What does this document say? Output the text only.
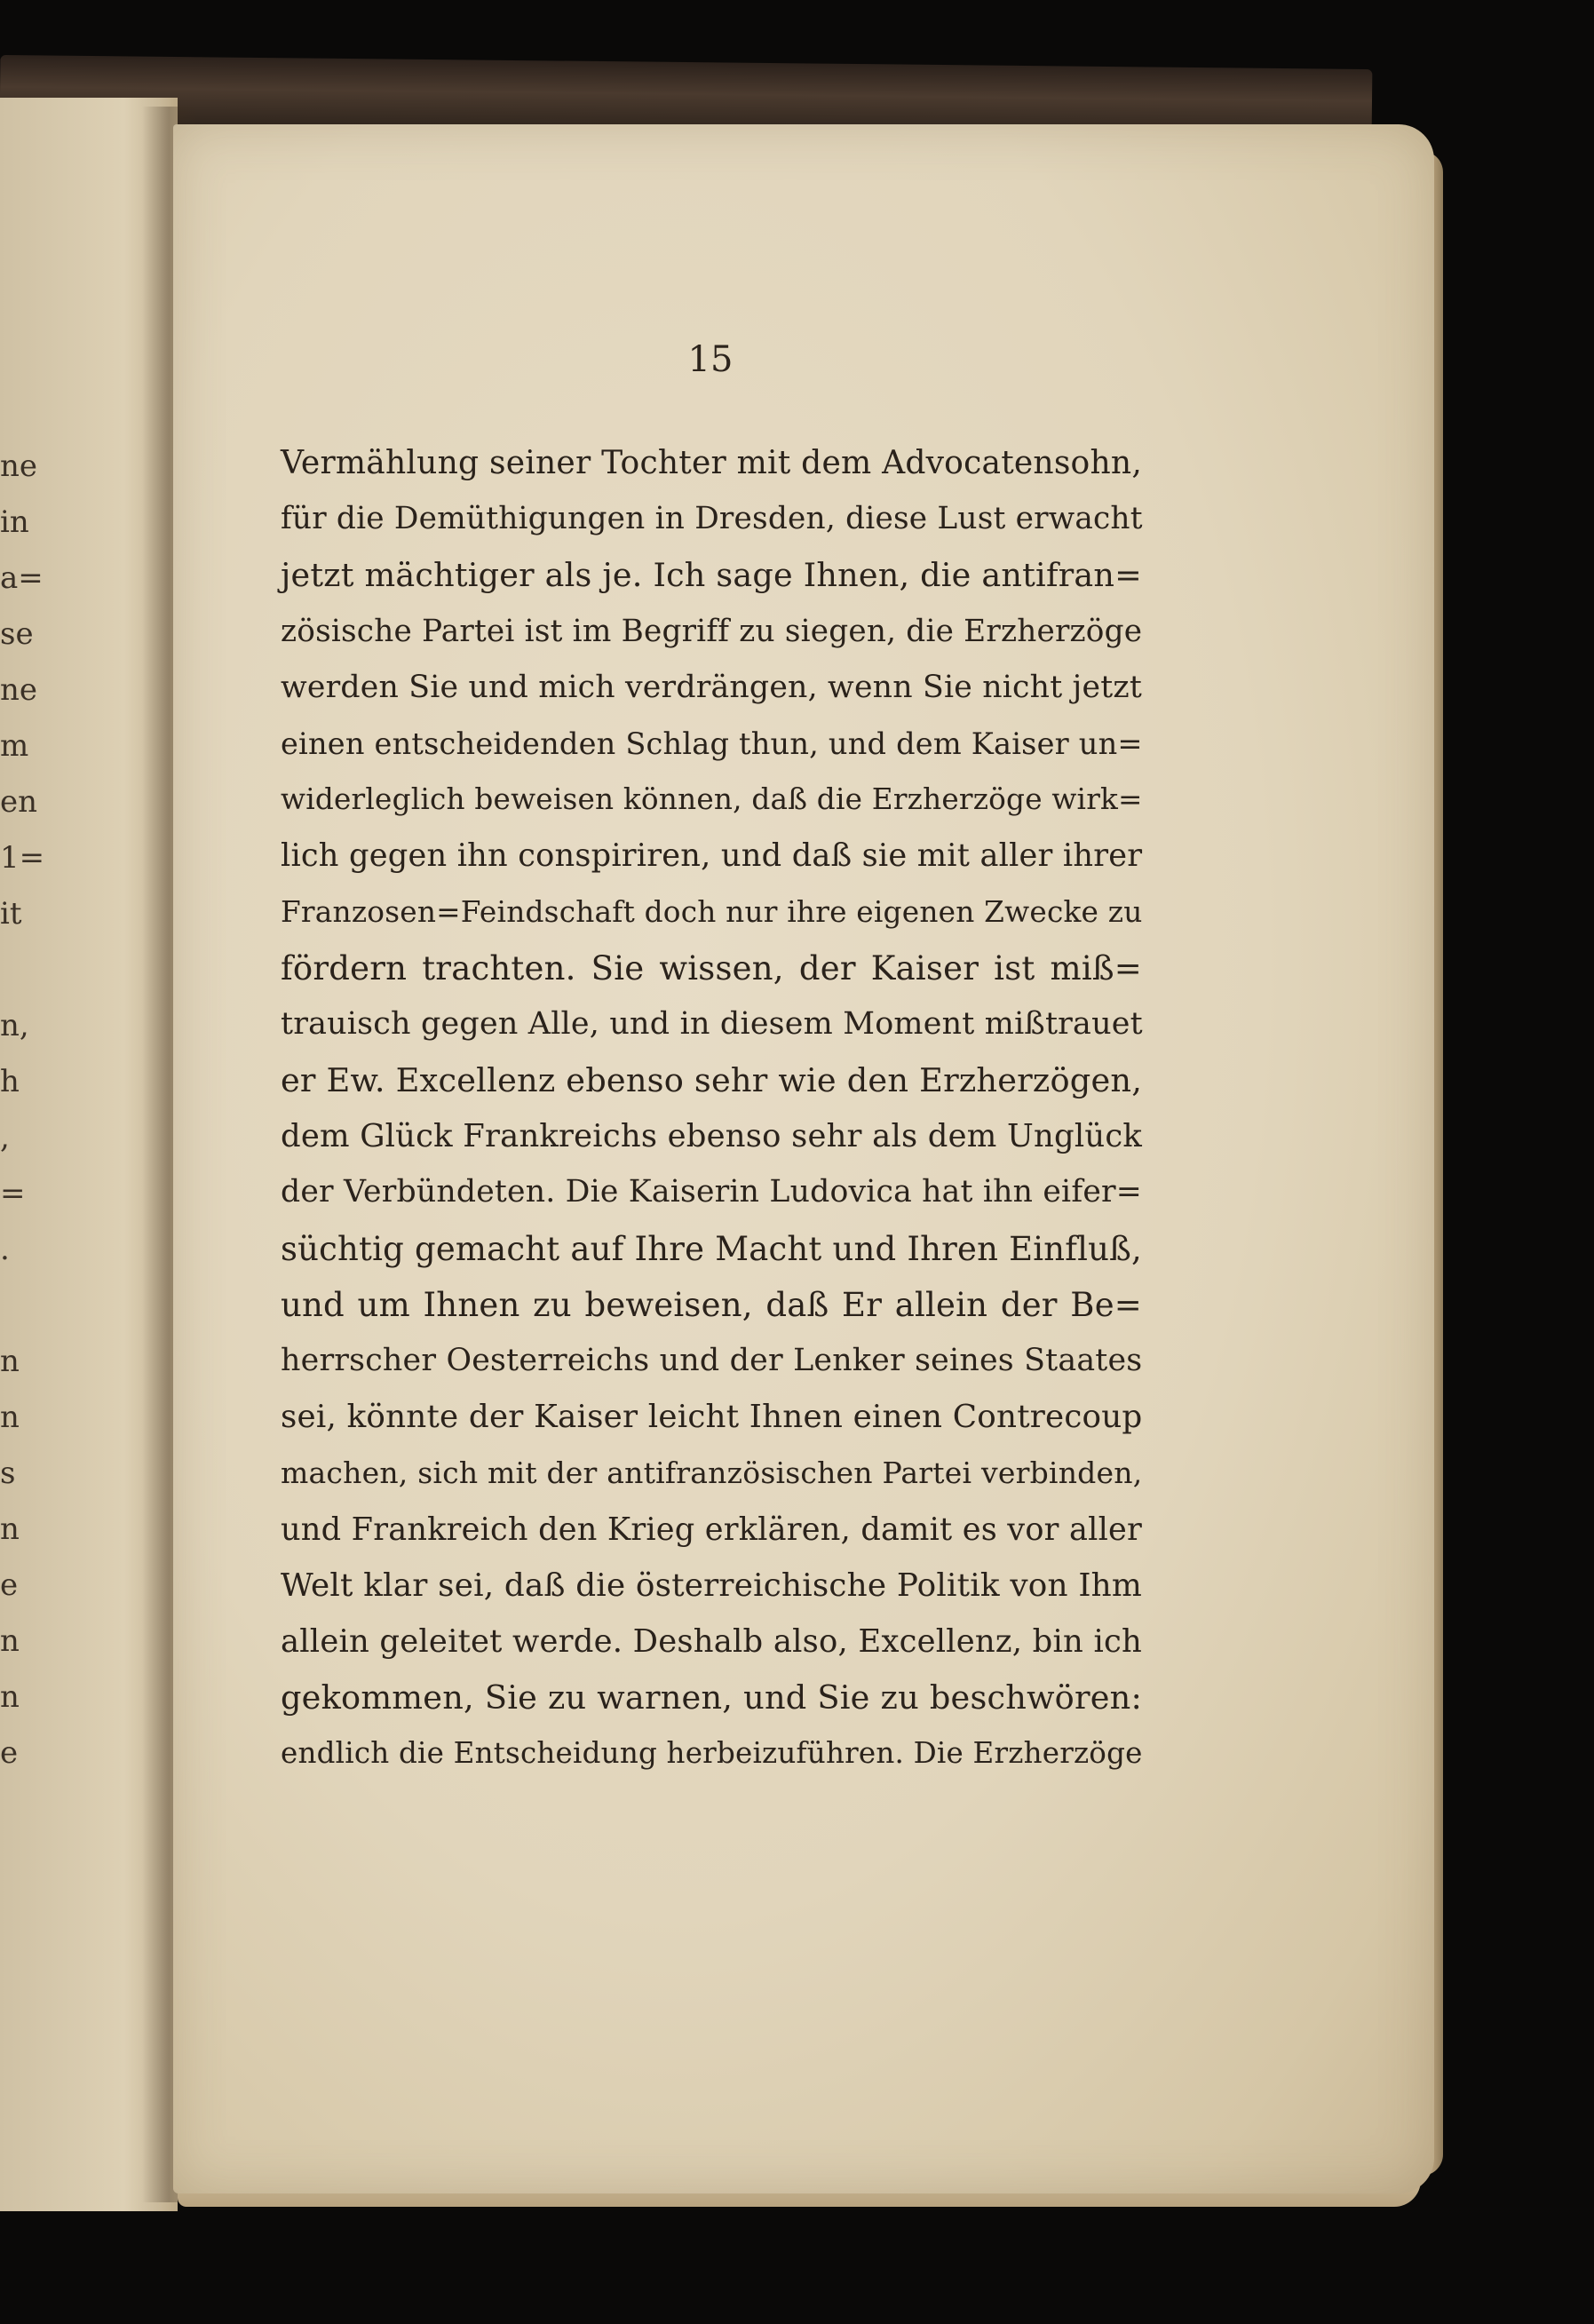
ne
in
a=
se
ne
m
en
1=
it
n,
h
,
=
.
n
n
s
n
e
n
n
e
15
Vermählung seiner Tochter mit dem Advocatensohn,
für die Demüthigungen in Dresden, diese Lust erwacht
jetzt mächtiger als je. Ich sage Ihnen, die antifran=
zösische Partei ist im Begriff zu siegen, die Erzherzöge
werden Sie und mich verdrängen, wenn Sie nicht jetzt
einen entscheidenden Schlag thun, und dem Kaiser un=
widerleglich beweisen können, daß die Erzherzöge wirk=
lich gegen ihn conspiriren, und daß sie mit aller ihrer
Franzosen=Feindschaft doch nur ihre eigenen Zwecke zu
fördern trachten. Sie wissen, der Kaiser ist miß=
trauisch gegen Alle, und in diesem Moment mißtrauet
er Ew. Excellenz ebenso sehr wie den Erzherzögen,
dem Glück Frankreichs ebenso sehr als dem Unglück
der Verbündeten. Die Kaiserin Ludovica hat ihn eifer=
süchtig gemacht auf Ihre Macht und Ihren Einfluß,
und um Ihnen zu beweisen, daß Er allein der Be=
herrscher Oesterreichs und der Lenker seines Staates
sei, könnte der Kaiser leicht Ihnen einen Contrecoup
machen, sich mit der antifranzösischen Partei verbinden,
und Frankreich den Krieg erklären, damit es vor aller
Welt klar sei, daß die österreichische Politik von Ihm
allein geleitet werde. Deshalb also, Excellenz, bin ich
gekommen, Sie zu warnen, und Sie zu beschwören:
endlich die Entscheidung herbeizuführen. Die Erzherzöge
